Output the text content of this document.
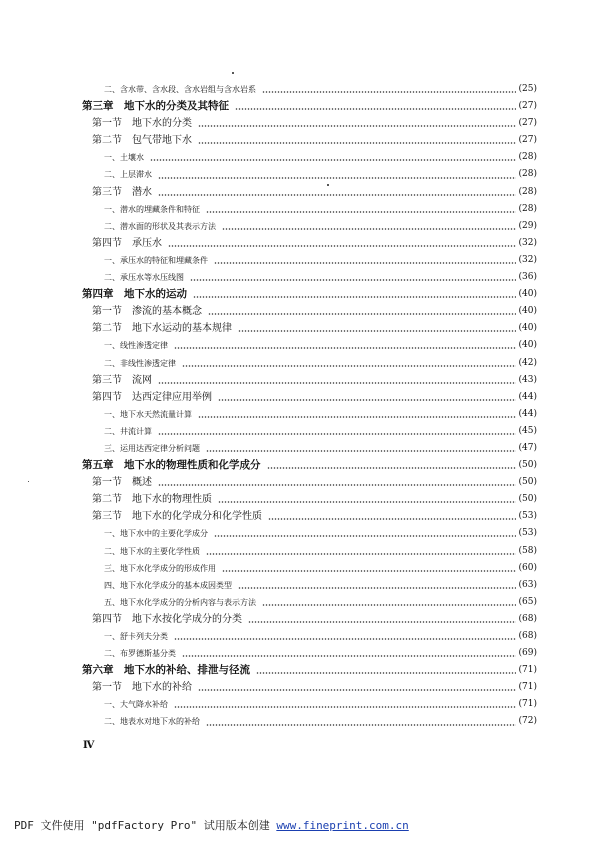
二、含水带、含水段、含水岩组与含水岩系	(25)
第三章　地下水的分类及其特征	(27)
第一节　地下水的分类	(27)
第二节　包气带地下水	(27)
一、土壤水	(28)
二、上层滞水	(28)
第三节　潜水	(28)
一、潜水的埋藏条件和特征	(28)
二、潜水面的形状及其表示方法	(29)
第四节　承压水	(32)
一、承压水的特征和埋藏条件	(32)
二、承压水等水压线图	(36)
第四章　地下水的运动	(40)
第一节　渗流的基本概念	(40)
第二节　地下水运动的基本规律	(40)
一、线性渗透定律	(40)
二、非线性渗透定律	(42)
第三节　流网	(43)
第四节　达西定律应用举例	(44)
一、地下水天然流量计算	(44)
二、井流计算	(45)
三、运用达西定律分析问题	(47)
第五章　地下水的物理性质和化学成分	(50)
第一节　概述	(50)
第二节　地下水的物理性质	(50)
第三节　地下水的化学成分和化学性质	(53)
一、地下水中的主要化学成分	(53)
二、地下水的主要化学性质	(58)
三、地下水化学成分的形成作用	(60)
四、地下水化学成分的基本成因类型	(63)
五、地下水化学成分的分析内容与表示方法	(65)
第四节　地下水按化学成分的分类	(68)
一、舒卡列夫分类	(68)
二、布罗德斯基分类	(69)
第六章　地下水的补给、排泄与径流	(71)
第一节　地下水的补给	(71)
一、大气降水补给	(71)
二、地表水对地下水的补给	(72)
Ⅳ
PDF 文件使用 "pdfFactory Pro" 试用版本创建 www.fineprint.com.cn
